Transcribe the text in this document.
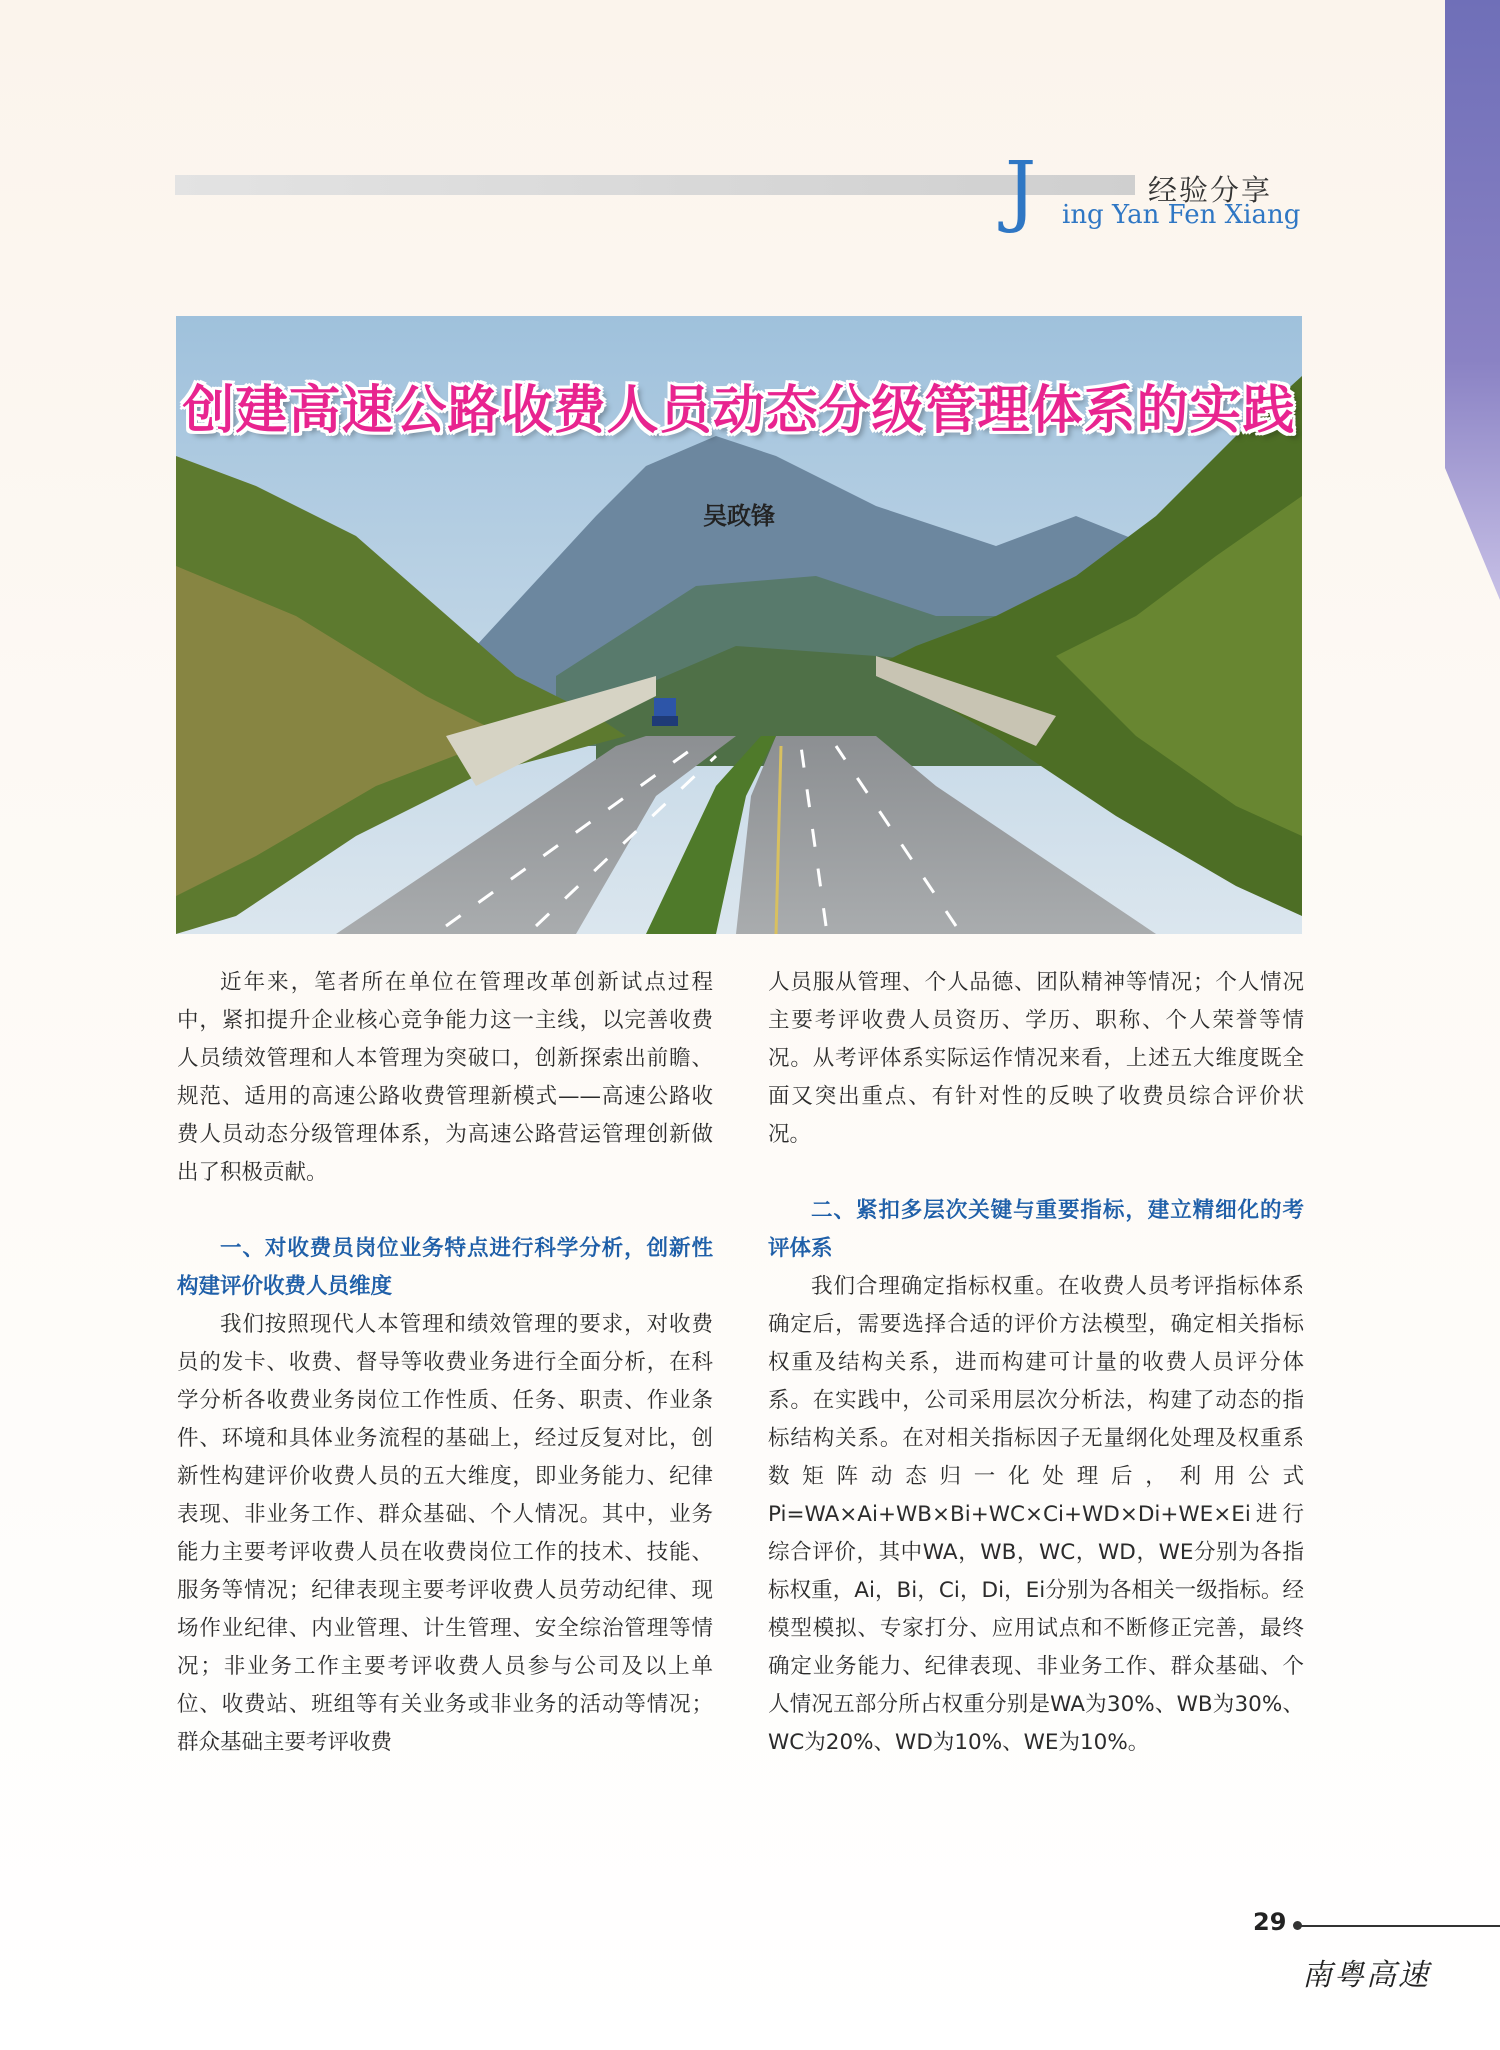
J	经验分享
ing Yan Fen Xiang
创建高速公路收费人员动态分级管理体系的实践
吴政锋

近年来，笔者所在单位在管理改革创新试点过程中，紧扣提升企业核心竞争能力这一主线，以完善收费人员绩效管理和人本管理为突破口，创新探索出前瞻、规范、适用的高速公路收费管理新模式——高速公路收费人员动态分级管理体系，为高速公路营运管理创新做出了积极贡献。

一、对收费员岗位业务特点进行科学分析，创新性构建评价收费人员维度

我们按照现代人本管理和绩效管理的要求，对收费员的发卡、收费、督导等收费业务进行全面分析，在科学分析各收费业务岗位工作性质、任务、职责、作业条件、环境和具体业务流程的基础上，经过反复对比，创新性构建评价收费人员的五大维度，即业务能力、纪律表现、非业务工作、群众基础、个人情况。其中，业务能力主要考评收费人员在收费岗位工作的技术、技能、服务等情况；纪律表现主要考评收费人员劳动纪律、现场作业纪律、内业管理、计生管理、安全综治管理等情况；非业务工作主要考评收费人员参与公司及以上单位、收费站、班组等有关业务或非业务的活动等情况；群众基础主要考评收费

人员服从管理、个人品德、团队精神等情况；个人情况主要考评收费人员资历、学历、职称、个人荣誉等情况。从考评体系实际运作情况来看，上述五大维度既全面又突出重点、有针对性的反映了收费员综合评价状况。

二、紧扣多层次关键与重要指标，建立精细化的考评体系

我们合理确定指标权重。在收费人员考评指标体系确定后，需要选择合适的评价方法模型，确定相关指标权重及结构关系，进而构建可计量的收费人员评分体系。在实践中，公司采用层次分析法，构建了动态的指标结构关系。在对相关指标因子无量纲化处理及权重系数矩阵动态归一化处理后，利用公式Pi=WA×Ai+WB×Bi+WC×Ci+WD×Di+WE×Ei进行综合评价，其中WA，WB，WC，WD，WE分别为各指标权重，Ai，Bi，Ci，Di，Ei分别为各相关一级指标。经模型模拟、专家打分、应用试点和不断修正完善，最终确定业务能力、纪律表现、非业务工作、群众基础、个人情况五部分所占权重分别是WA为30%、WB为30%、WC为20%、WD为10%、WE为10%。

29
南粤高速
